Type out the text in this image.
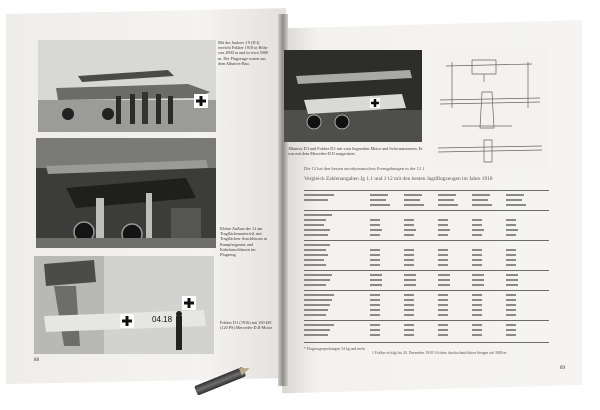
Mit der Junkers J 9 (D.I) erreicht Fokker 1918 in Höhe von 2000 m und in etwa 5000 m. Die Flugzeuge waren aus dem Albatros-Bau.
Kleine Aufbau der 12 am Tragflächenunterteil, mit Tragflächen-Anschlüssen in Rumpfsegment und Kabelanschlüssen im Flugzeug.
04.18	Fokker D.I (1916) mit 100 kW (120 PS) Mercedes-D.II-Motor
88
Albatros D.I und Fokker D.I mit vorn liegendem Motor und Schwanzsteuern. Er war mit dem Mercedes-D.II ausgerüstet.
Die 12 hat den besten aerodynamischen Formgebungen in der 12.1
Vergleich Zahlenangaben Jg 1.1 und J 12 mit den besten Jagdflugzeugen im Jahre 1918
* Flugzeugerprobungen 54 kg und mehr
1 Fokker erfolgt bis 20. Dezember 1918 3.6 ohne durchschnittlichen Steigen auf 3000 m
89
